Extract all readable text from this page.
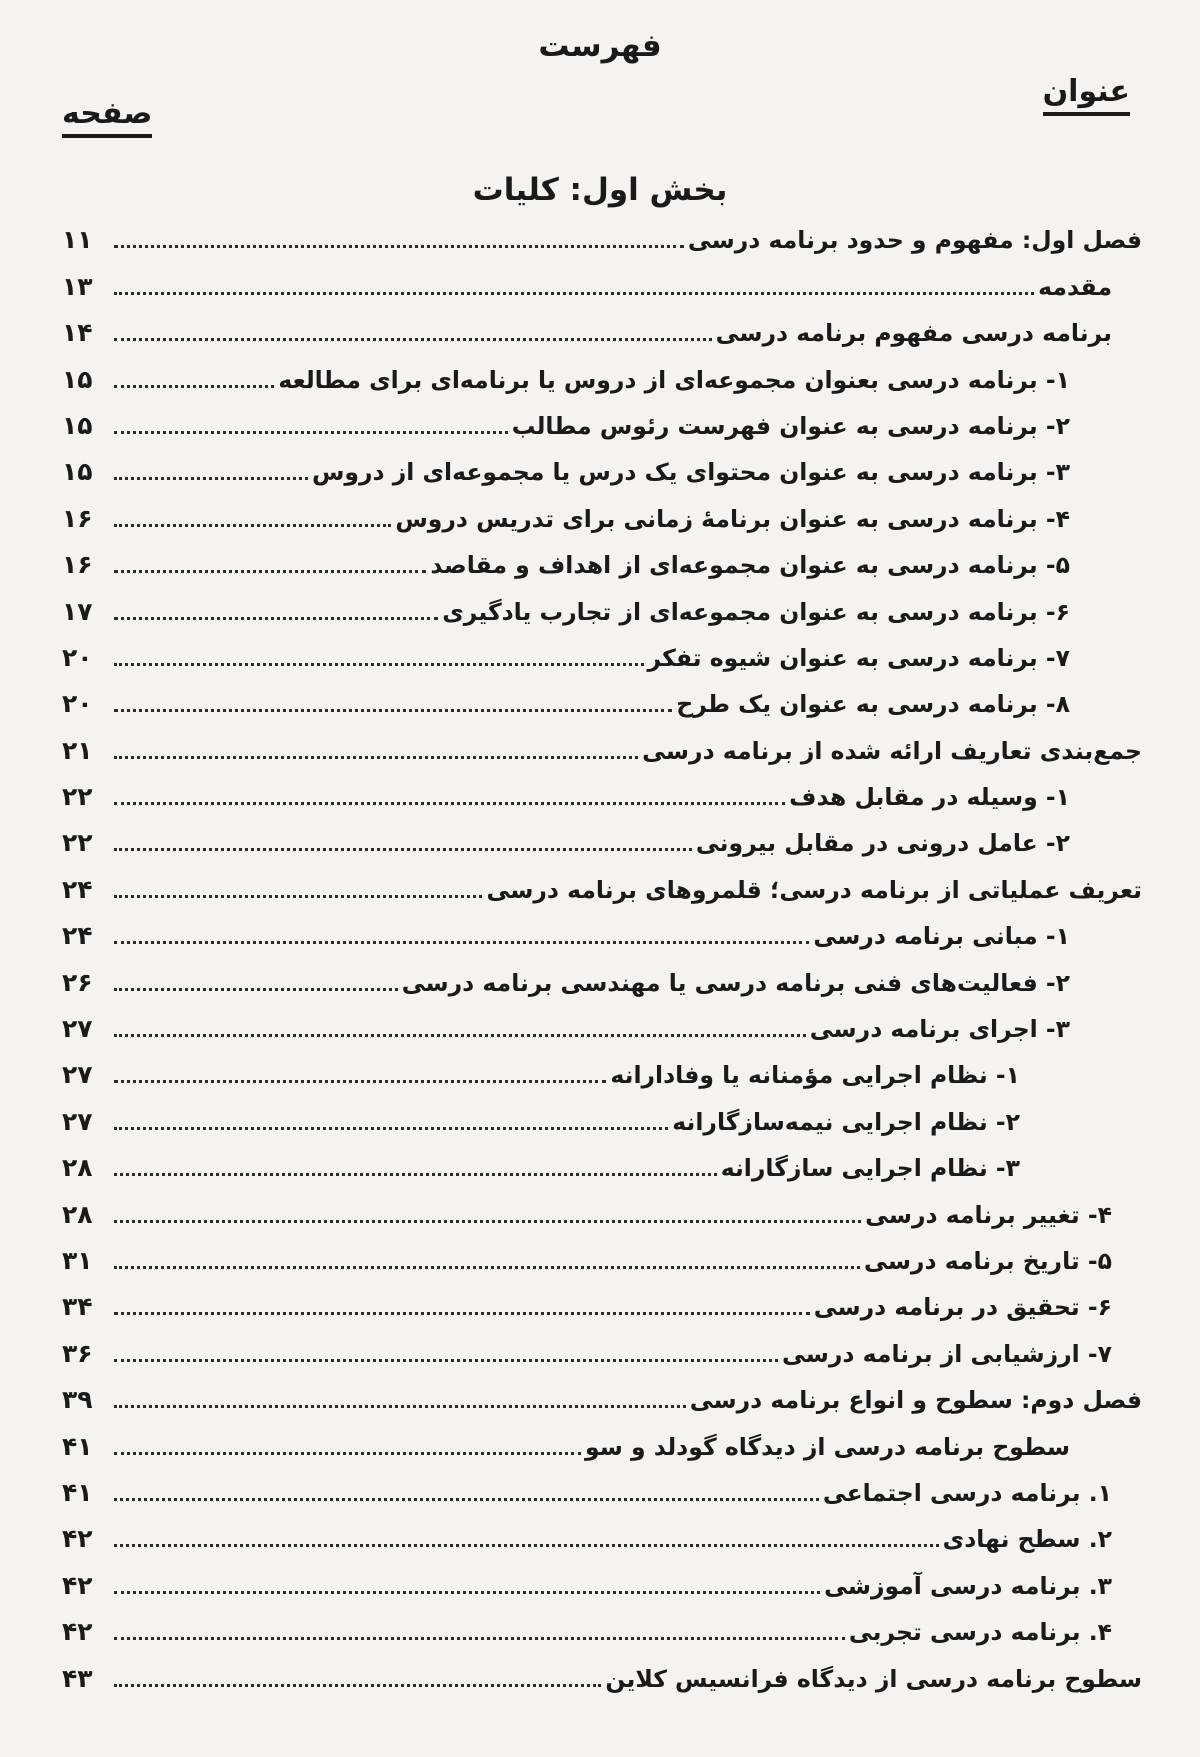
فهرست
عنوان
صفحه
بخش اول: کلیات
فصل اول: مفهوم و حدود برنامه درسی
۱۱
مقدمه
۱۳
برنامه درسی مفهوم برنامه درسی
۱۴
۱- برنامه درسی بعنوان مجموعه‌ای از دروس یا برنامه‌ای برای مطالعه
۱۵
۲- برنامه درسی به عنوان فهرست رئوس مطالب
۱۵
۳- برنامه درسی به عنوان محتوای یک درس یا مجموعه‌ای از دروس
۱۵
۴- برنامه درسی به عنوان برنامهٔ زمانی برای تدریس دروس
۱۶
۵- برنامه درسی به عنوان مجموعه‌ای از اهداف و مقاصد
۱۶
۶- برنامه درسی به عنوان مجموعه‌ای از تجارب یادگیری
۱۷
۷- برنامه درسی به عنوان شیوه تفکر
۲۰
۸- برنامه درسی به عنوان یک طرح
۲۰
جمع‌بندی تعاریف ارائه شده از برنامه درسی
۲۱
۱- وسیله در مقابل هدف
۲۲
۲- عامل درونی در مقابل بیرونی
۲۲
تعریف عملیاتی از برنامه درسی؛ قلمروهای برنامه درسی
۲۴
۱- مبانی برنامه درسی
۲۴
۲- فعالیت‌های فنی برنامه درسی یا مهندسی برنامه درسی
۲۶
۳- اجرای برنامه درسی
۲۷
۱- نظام اجرایی مؤمنانه یا وفادارانه
۲۷
۲- نظام اجرایی نیمه‌سازگارانه
۲۷
۳- نظام اجرایی سازگارانه
۲۸
۴- تغییر برنامه درسی
۲۸
۵- تاریخ برنامه درسی
۳۱
۶- تحقیق در برنامه درسی
۳۴
۷- ارزشیابی از برنامه درسی
۳۶
فصل دوم: سطوح و انواع برنامه درسی
۳۹
سطوح برنامه درسی از دیدگاه گودلد و سو
۴۱
۱. برنامه درسی اجتماعی
۴۱
۲. سطح نهادی
۴۲
۳. برنامه درسی آموزشی
۴۲
۴. برنامه درسی تجربی
۴۲
سطوح برنامه درسی از دیدگاه فرانسیس کلاین
۴۳
